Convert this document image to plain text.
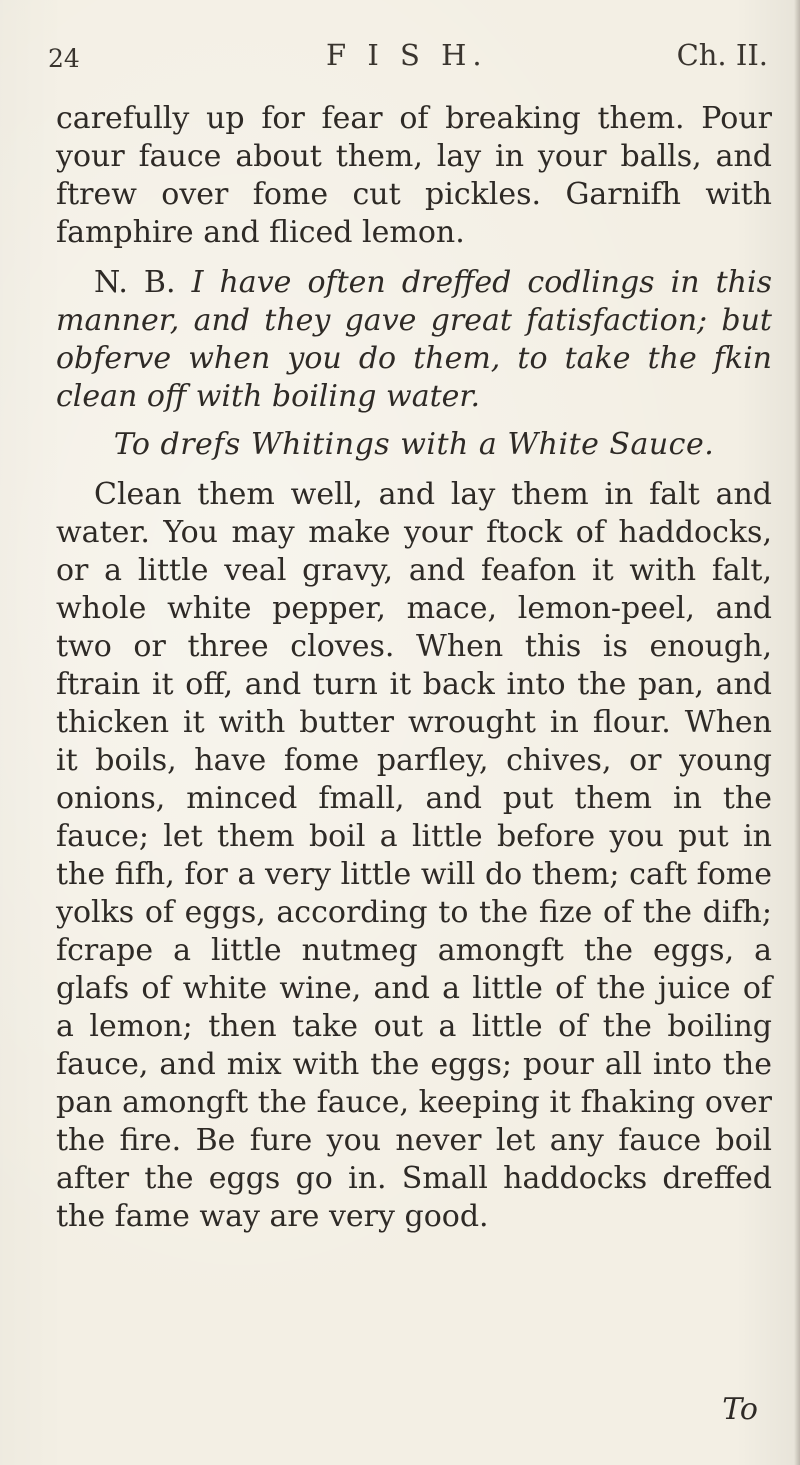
24	F I S H.	Ch. II.

carefully up for fear of breaking them. Pour your fauce about them, lay in your balls, and ftrew over fome cut pickles. Garnifh with famphire and fliced lemon.

N. B. I have often dreffed codlings in this manner, and they gave great fatisfaction; but obferve when you do them, to take the fkin clean off with boiling water.

To drefs Whitings with a White Sauce.

Clean them well, and lay them in falt and water. You may make your ftock of haddocks, or a little veal gravy, and feafon it with falt, whole white pepper, mace, lemon-peel, and two or three cloves. When this is enough, ftrain it off, and turn it back into the pan, and thicken it with butter wrought in flour. When it boils, have fome parfley, chives, or young onions, minced fmall, and put them in the fauce; let them boil a little before you put in the fifh, for a very little will do them; caft fome yolks of eggs, according to the fize of the difh; fcrape a little nutmeg amongft the eggs, a glafs of white wine, and a little of the juice of a lemon; then take out a little of the boiling fauce, and mix with the eggs; pour all into the pan amongft the fauce, keeping it fhaking over the fire. Be fure you never let any fauce boil after the eggs go in. Small haddocks dreffed the fame way are very good.

To
